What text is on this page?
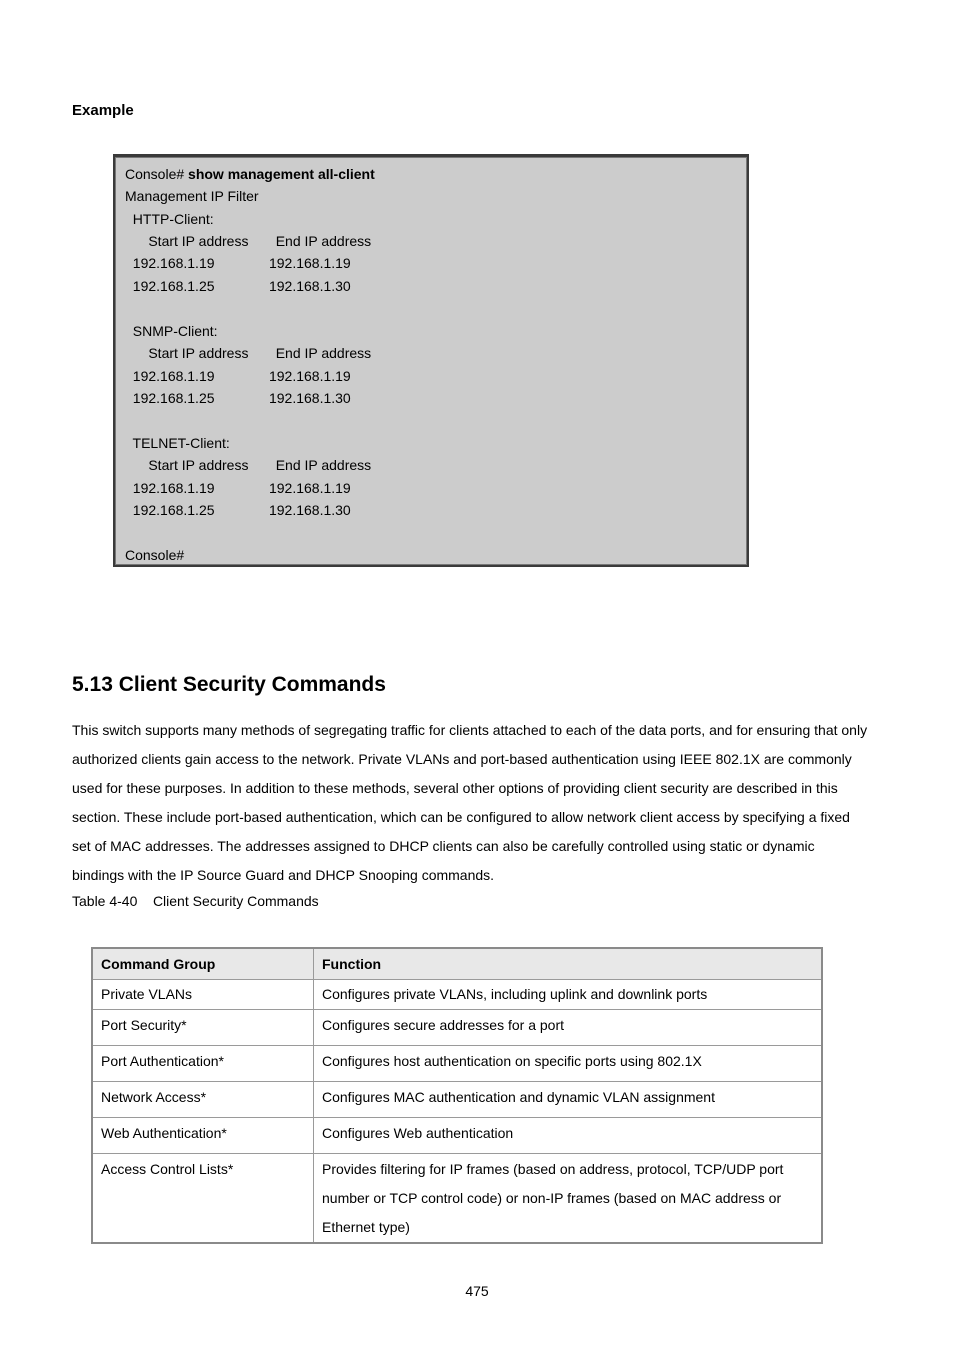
Example
Console# show management all-client
Management IP Filter
HTTP-Client:
Start IP address       End IP address
192.168.1.19              192.168.1.19
192.168.1.25              192.168.1.30
SNMP-Client:
Start IP address       End IP address
192.168.1.19              192.168.1.19
192.168.1.25              192.168.1.30
TELNET-Client:
Start IP address       End IP address
192.168.1.19              192.168.1.19
192.168.1.25              192.168.1.30
Console#
5.13 Client Security Commands
This switch supports many methods of segregating traffic for clients attached to each of the data ports, and for ensuring that only
authorized clients gain access to the network. Private VLANs and port-based authentication using IEEE 802.1X are commonly
used for these purposes. In addition to these methods, several other options of providing client security are described in this
section. These include port-based authentication, which can be configured to allow network client access by specifying a fixed
set of MAC addresses. The addresses assigned to DHCP clients can also be carefully controlled using static or dynamic
bindings with the IP Source Guard and DHCP Snooping commands.
Table 4-40    Client Security Commands
Command Group	Function
Private VLANs	Configures private VLANs, including uplink and downlink ports
Port Security*	Configures secure addresses for a port
Port Authentication*	Configures host authentication on specific ports using 802.1X
Network Access*	Configures MAC authentication and dynamic VLAN assignment
Web Authentication*	Configures Web authentication
Access Control Lists*	Provides filtering for IP frames (based on address, protocol, TCP/UDP port number or TCP control code) or non-IP frames (based on MAC address or Ethernet type)
475
